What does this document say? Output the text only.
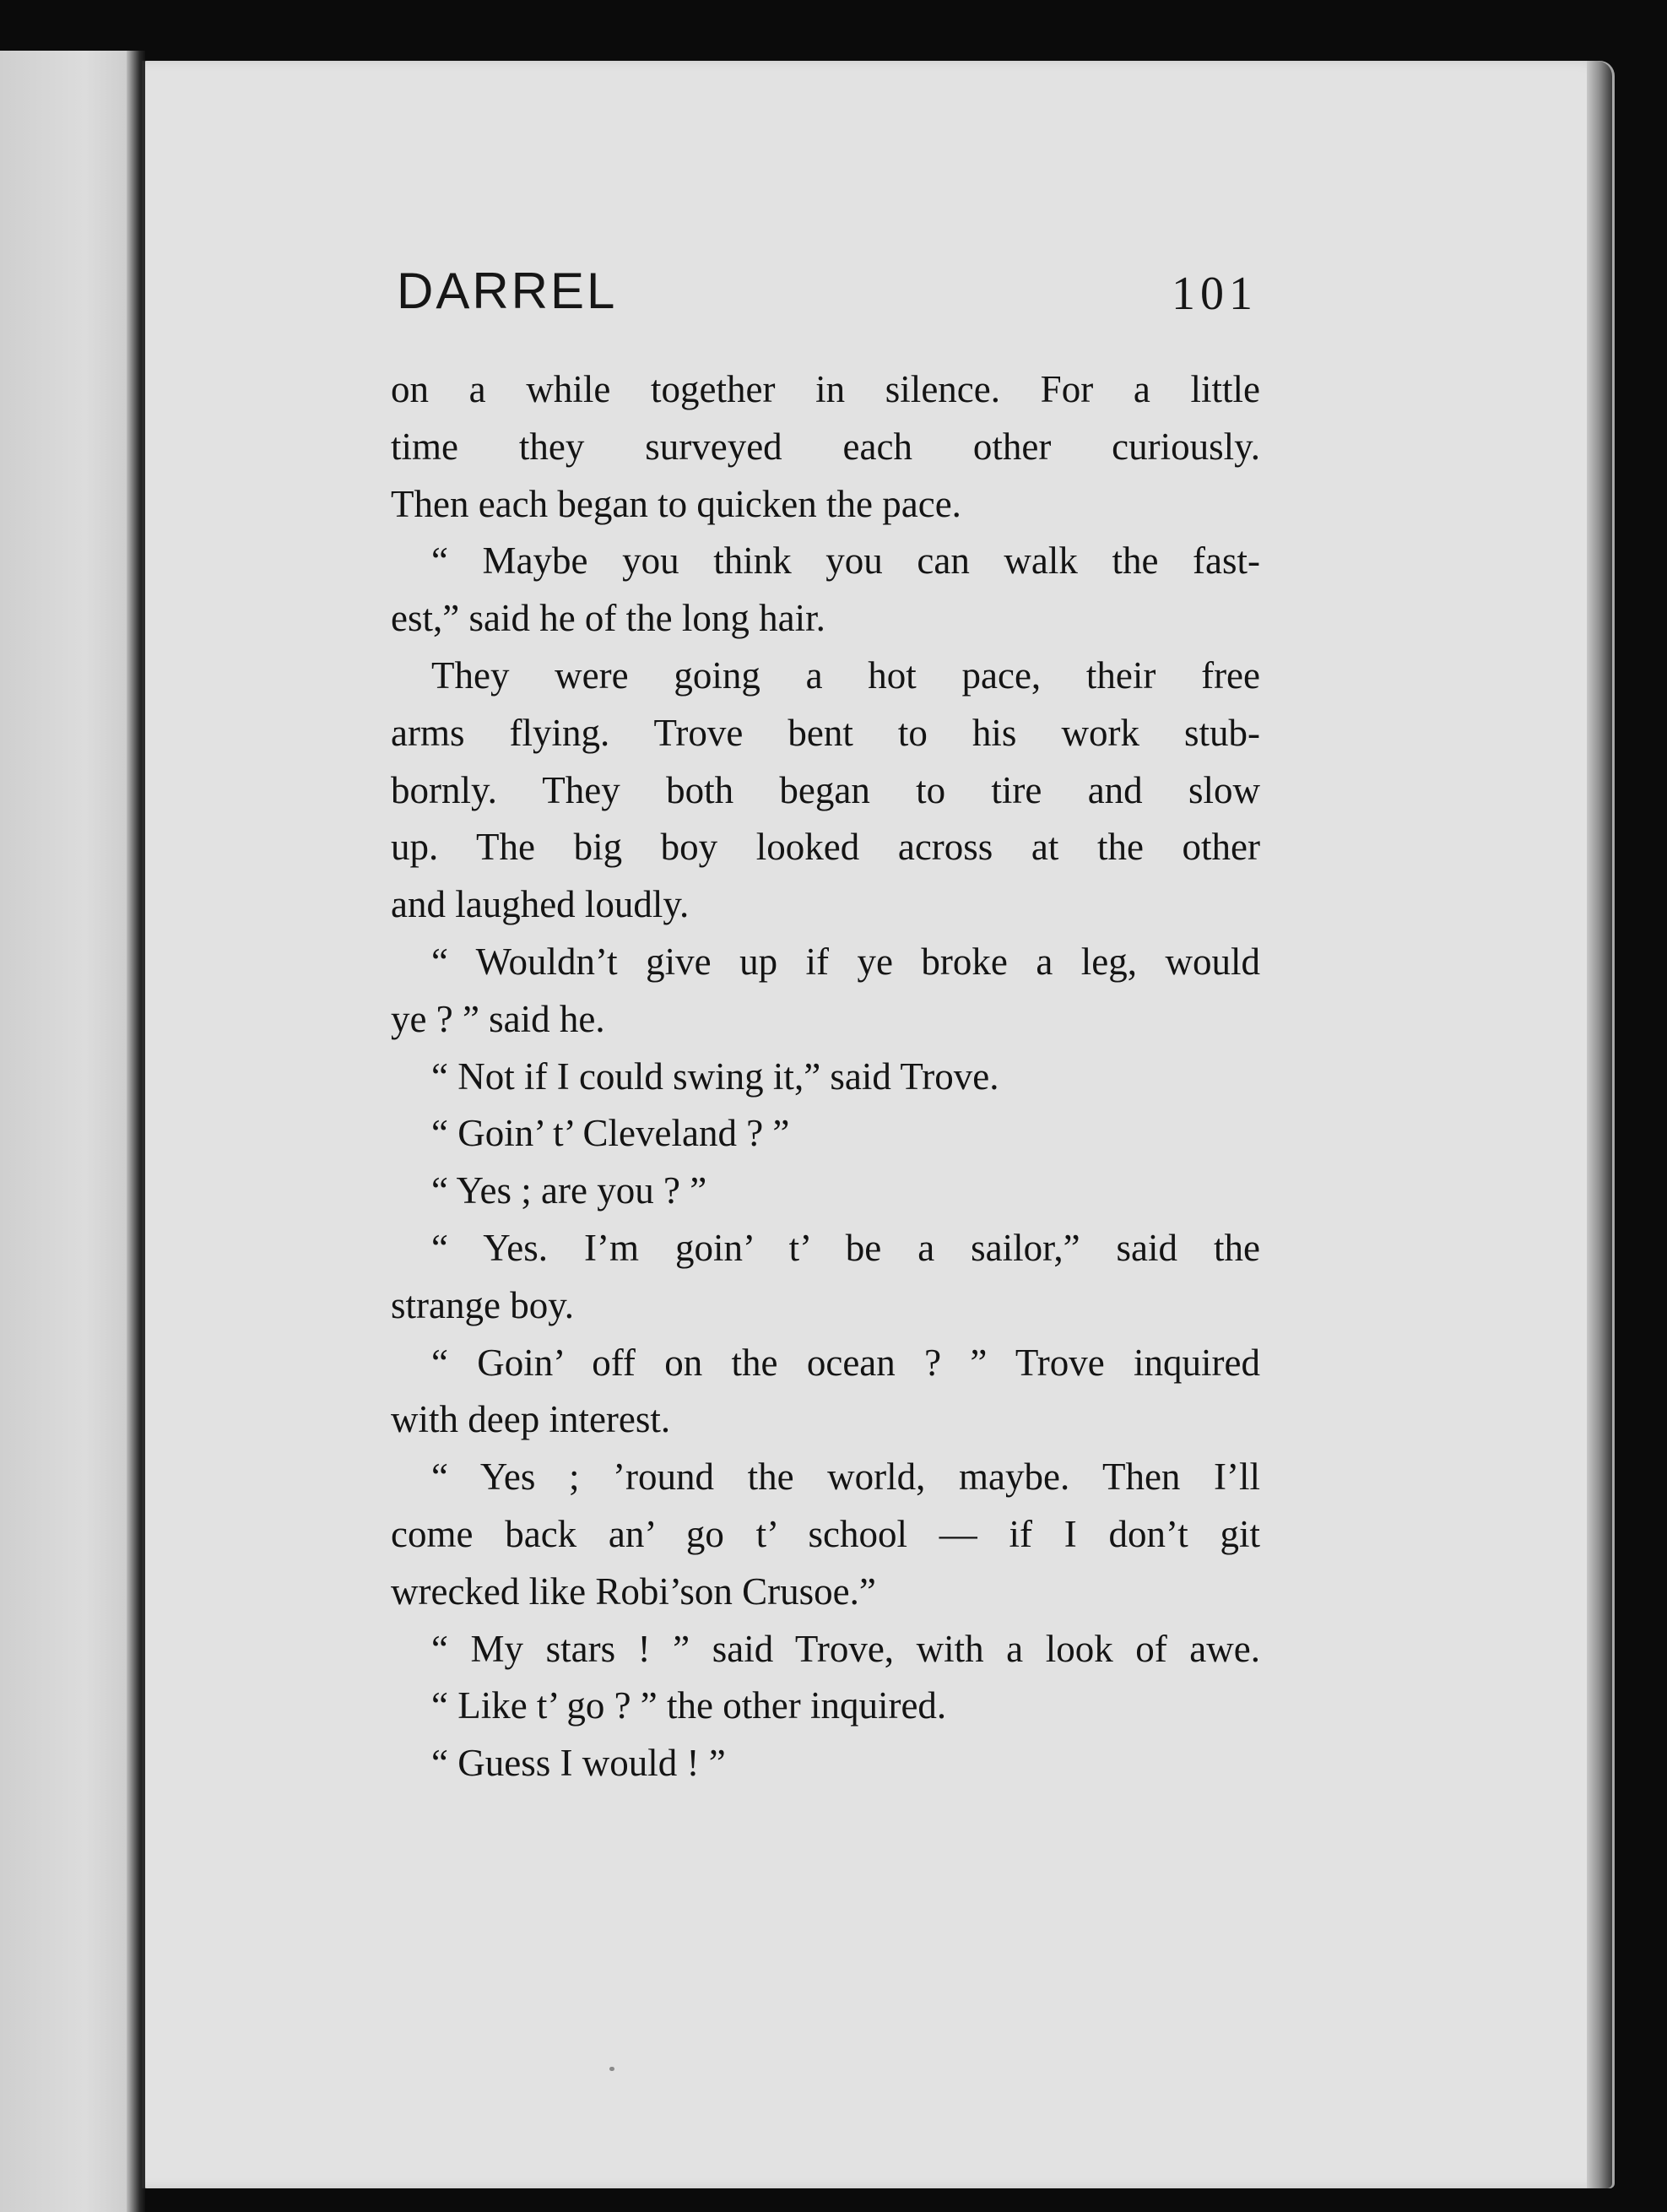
DARREL	101
on a while together in silence. For a little
time they surveyed each other curiously.
Then each began to quicken the pace.
“ Maybe you think you can walk the fast-
est,” said he of the long hair.
They were going a hot pace, their free
arms flying. Trove bent to his work stub-
bornly. They both began to tire and slow
up. The big boy looked across at the other
and laughed loudly.
“ Wouldn’t give up if ye broke a leg, would
ye ? ” said he.
“ Not if I could swing it,” said Trove.
“ Goin’ t’ Cleveland ? ”
“ Yes ; are you ? ”
“ Yes. I’m goin’ t’ be a sailor,” said the
strange boy.
“ Goin’ off on the ocean ? ” Trove inquired
with deep interest.
“ Yes ; ’round the world, maybe. Then I’ll
come back an’ go t’ school — if I don’t git
wrecked like Robi’son Crusoe.”
“ My stars ! ” said Trove, with a look of awe.
“ Like t’ go ? ” the other inquired.
“ Guess I would ! ”
